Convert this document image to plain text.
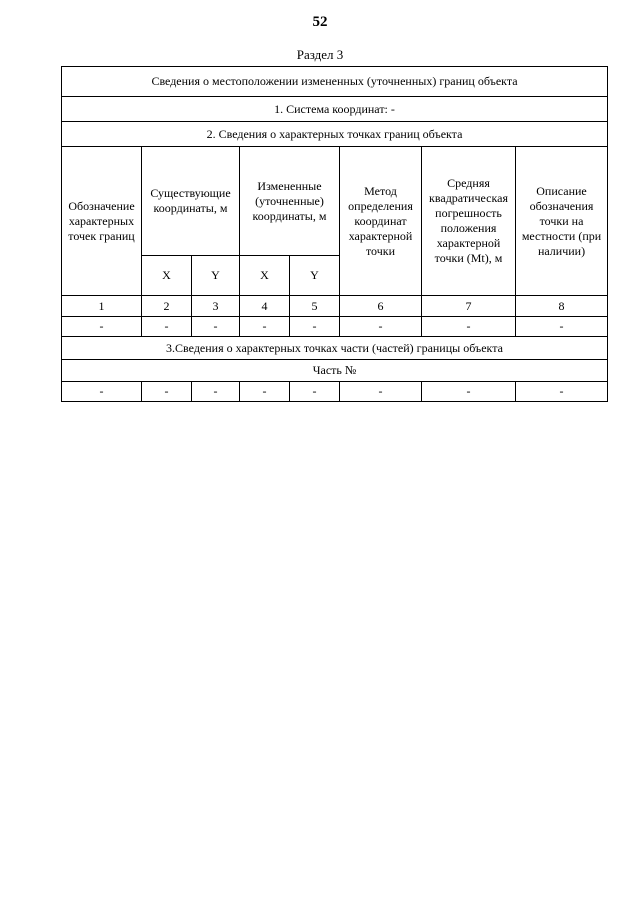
52
Раздел 3
Сведения о местоположении измененных (уточненных) границ объекта							
1. Система координат: -							
2. Сведения о характерных точках границ объекта							
Обозначение характерных точек границ	Существующие координаты, м		Измененные (уточненные) координаты, м		Метод определения координат характерной точки	Средняя квадратическая погрешность положения характерной точки (Mt), м	Описание обозначения точки на местности (при наличии)
	X	Y	X	Y			
1	2	3	4	5	6	7	8
-	-	-	-	-	-	-	-
3.Сведения о характерных точках части (частей) границы объекта							
Часть №							
-	-	-	-	-	-	-	-
